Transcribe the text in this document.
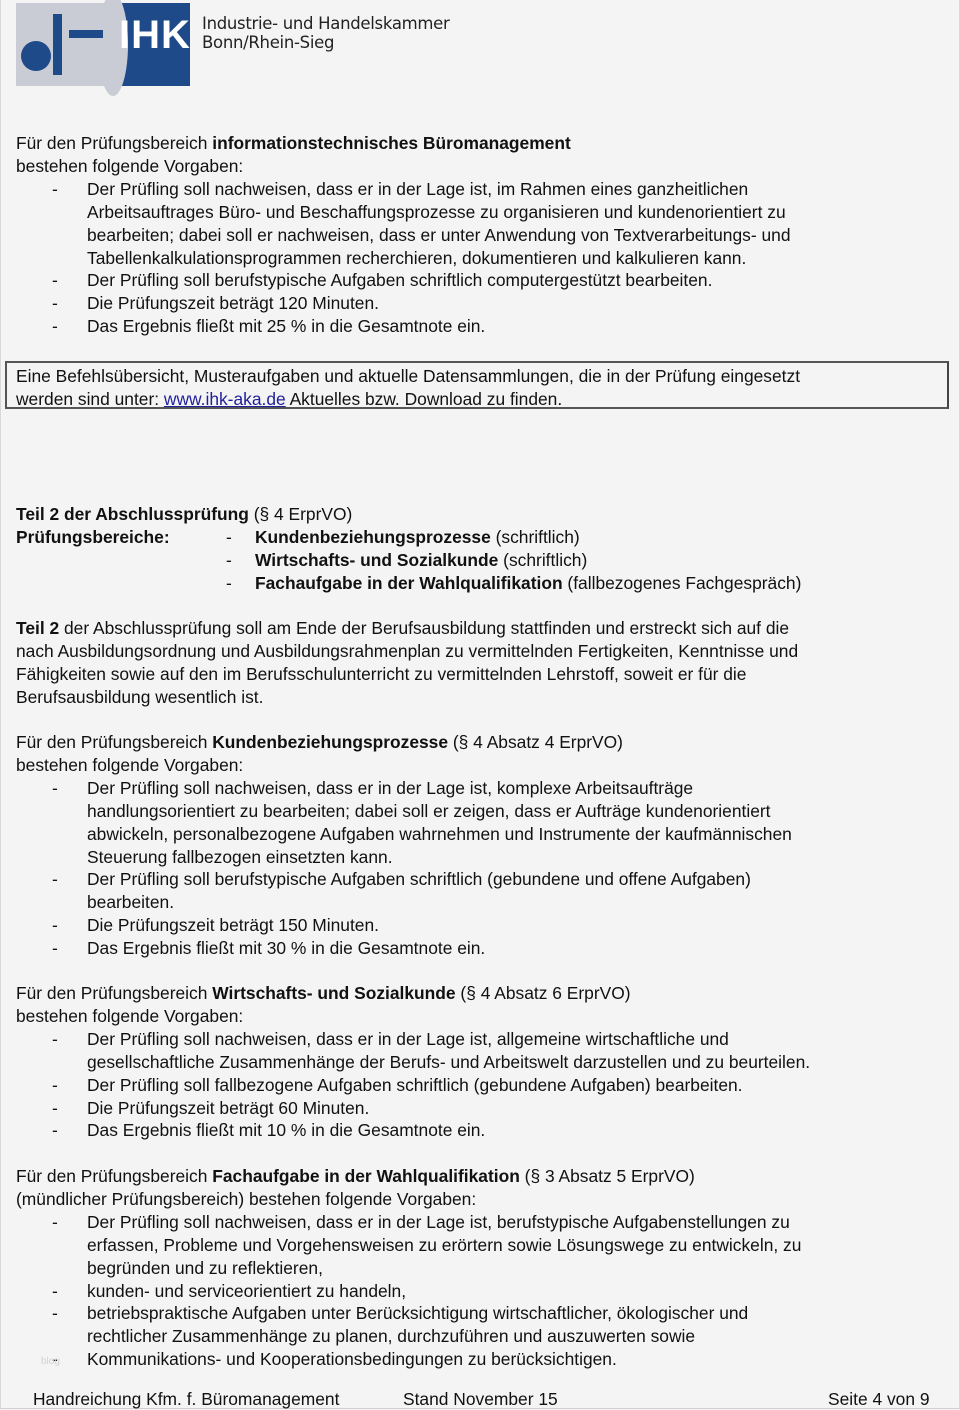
IHK Industrie- und Handelskammer
Bonn/Rhein-Sieg
Für den Prüfungsbereich informationstechnisches Büromanagement
bestehen folgende Vorgaben:
- Der Prüfling soll nachweisen, dass er in der Lage ist, im Rahmen eines ganzheitlichen
Arbeitsauftrages Büro- und Beschaffungsprozesse zu organisieren und kundenorientiert zu
bearbeiten; dabei soll er nachweisen, dass er unter Anwendung von Textverarbeitungs- und
Tabellenkalkulationsprogrammen recherchieren, dokumentieren und kalkulieren kann.
- Der Prüfling soll berufstypische Aufgaben schriftlich computergestützt bearbeiten.
- Die Prüfungszeit beträgt 120 Minuten.
- Das Ergebnis fließt mit 25 % in die Gesamtnote ein.
Eine Befehlsübersicht, Musteraufgaben und aktuelle Datensammlungen, die in der Prüfung eingesetzt
werden sind unter: www.ihk-aka.de Aktuelles bzw. Download zu finden.
Teil 2 der Abschlussprüfung (§ 4 ErprVO)
Prüfungsbereiche:	- Kundenbeziehungsprozesse (schriftlich)
- Wirtschafts- und Sozialkunde (schriftlich)
- Fachaufgabe in der Wahlqualifikation (fallbezogenes Fachgespräch)
Teil 2 der Abschlussprüfung soll am Ende der Berufsausbildung stattfinden und erstreckt sich auf die
nach Ausbildungsordnung und Ausbildungsrahmenplan zu vermittelnden Fertigkeiten, Kenntnisse und
Fähigkeiten sowie auf den im Berufsschulunterricht zu vermittelnden Lehrstoff, soweit er für die
Berufsausbildung wesentlich ist.
Für den Prüfungsbereich Kundenbeziehungsprozesse (§ 4 Absatz 4 ErprVO)
bestehen folgende Vorgaben:
- Der Prüfling soll nachweisen, dass er in der Lage ist, komplexe Arbeitsaufträge
handlungsorientiert zu bearbeiten; dabei soll er zeigen, dass er Aufträge kundenorientiert
abwickeln, personalbezogene Aufgaben wahrnehmen und Instrumente der kaufmännischen
Steuerung fallbezogen einsetzten kann.
- Der Prüfling soll berufstypische Aufgaben schriftlich (gebundene und offene Aufgaben)
bearbeiten.
- Die Prüfungszeit beträgt 150 Minuten.
- Das Ergebnis fließt mit 30 % in die Gesamtnote ein.
Für den Prüfungsbereich Wirtschafts- und Sozialkunde (§ 4 Absatz 6 ErprVO)
bestehen folgende Vorgaben:
- Der Prüfling soll nachweisen, dass er in der Lage ist, allgemeine wirtschaftliche und
gesellschaftliche Zusammenhänge der Berufs- und Arbeitswelt darzustellen und zu beurteilen.
- Der Prüfling soll fallbezogene Aufgaben schriftlich (gebundene Aufgaben) bearbeiten.
- Die Prüfungszeit beträgt 60 Minuten.
- Das Ergebnis fließt mit 10 % in die Gesamtnote ein.
Für den Prüfungsbereich Fachaufgabe in der Wahlqualifikation (§ 3 Absatz 5 ErprVO)
(mündlicher Prüfungsbereich) bestehen folgende Vorgaben:
- Der Prüfling soll nachweisen, dass er in der Lage ist, berufstypische Aufgabenstellungen zu
erfassen, Probleme und Vorgehensweisen zu erörtern sowie Lösungswege zu entwickeln, zu
begründen und zu reflektieren,
- kunden- und serviceorientiert zu handeln,
- betriebspraktische Aufgaben unter Berücksichtigung wirtschaftlicher, ökologischer und
rechtlicher Zusammenhänge zu planen, durchzuführen und auszuwerten sowie
- Kommunikations- und Kooperationsbedingungen zu berücksichtigen.
blog
Handreichung Kfm. f. Büromanagement	Stand November 15	Seite 4 von 9
